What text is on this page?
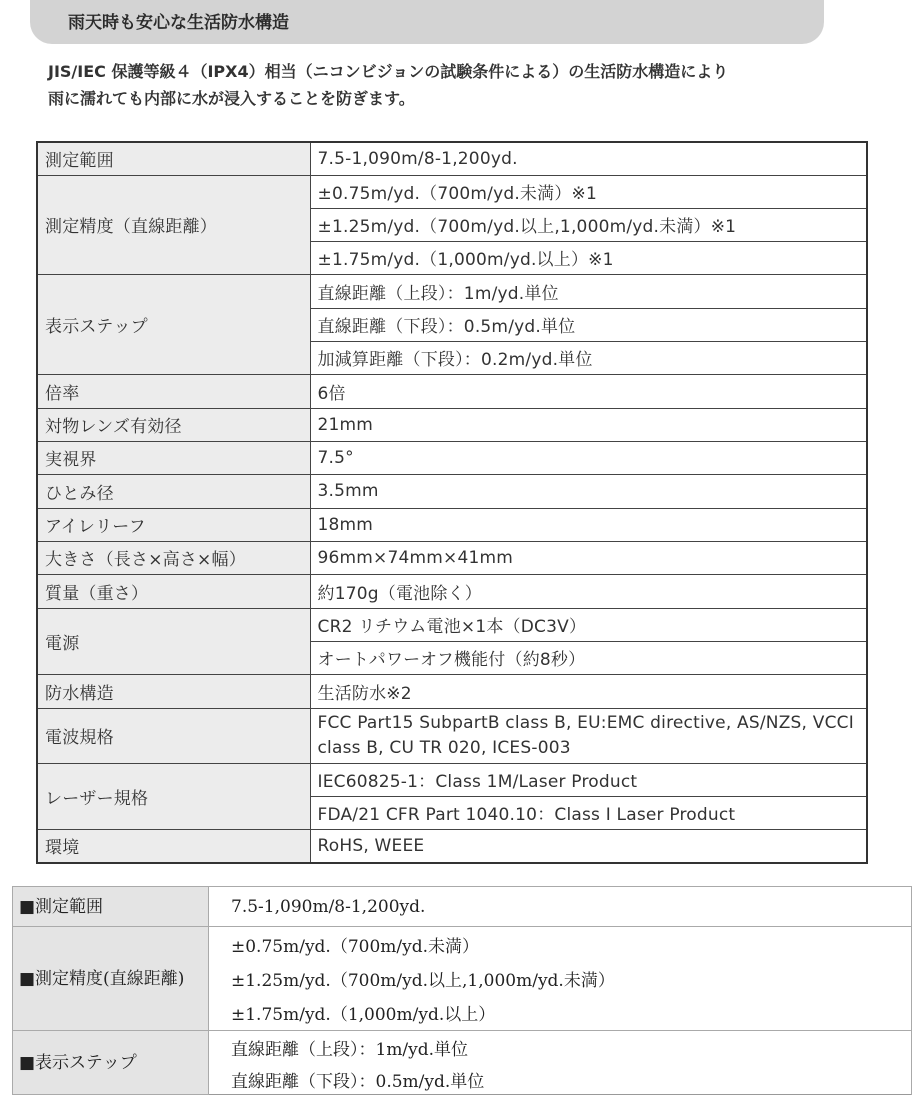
雨天時も安心な生活防水構造
JIS/IEC 保護等級４（IPX4）相当（ニコンビジョンの試験条件による）の生活防水構造により
雨に濡れても内部に水が浸入することを防ぎます。
測定範囲	7.5-1,090m/8-1,200yd.
測定精度（直線距離）	±0.75m/yd.（700m/yd.未満）※1
	±1.25m/yd.（700m/yd.以上,1,000m/yd.未満）※1
	±1.75m/yd.（1,000m/yd.以上）※1
表示ステップ	直線距離（上段）：1m/yd.単位
	直線距離（下段）：0.5m/yd.単位
	加減算距離（下段）：0.2m/yd.単位
倍率	6倍
対物レンズ有効径	21mm
実視界	7.5°
ひとみ径	3.5mm
アイレリーフ	18mm
大きさ（長さ×高さ×幅）	96mm×74mm×41mm
質量（重さ）	約170g（電池除く）
電源	CR2 リチウム電池×1本（DC3V）
	オートパワーオフ機能付（約8秒）
防水構造	生活防水※2
電波規格	FCC Part15 SubpartB class B, EU:EMC directive, AS/NZS, VCCI class B, CU TR 020, ICES-003
レーザー規格	IEC60825-1：Class 1M/Laser Product
	FDA/21 CFR Part 1040.10：Class I Laser Product
環境	RoHS, WEEE
■測定範囲	7.5-1,090m/8-1,200yd.
■測定精度(直線距離)	±0.75m/yd.（700m/yd.未満）
	±1.25m/yd.（700m/yd.以上,1,000m/yd.未満）
	±1.75m/yd.（1,000m/yd.以上）
■表示ステップ	直線距離（上段）：1m/yd.単位
	直線距離（下段）：0.5m/yd.単位
